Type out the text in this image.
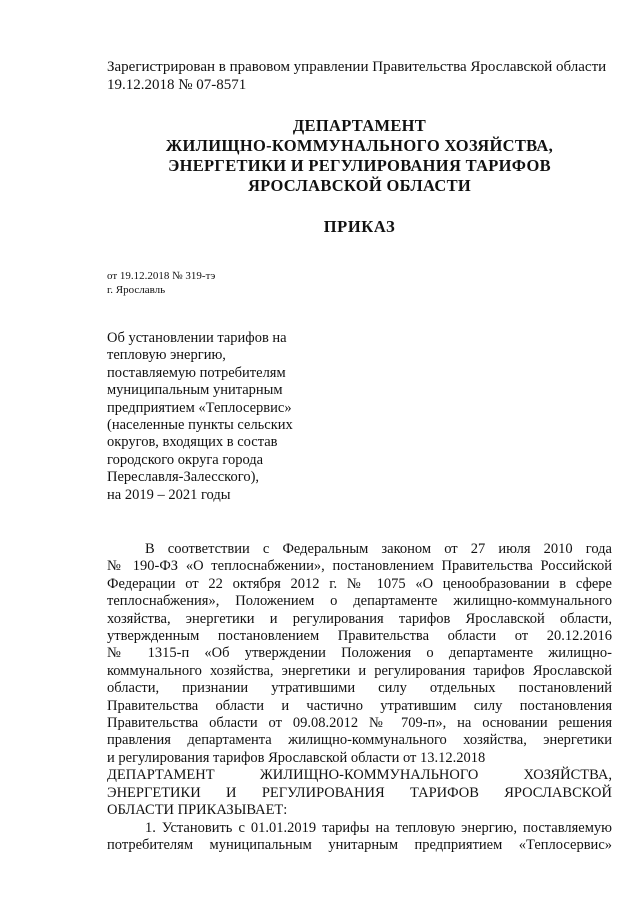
Зарегистрирован в правовом управлении Правительства Ярославской области
19.12.2018 № 07-8571
ДЕПАРТАМЕНТ
ЖИЛИЩНО-КОММУНАЛЬНОГО ХОЗЯЙСТВА,
ЭНЕРГЕТИКИ И РЕГУЛИРОВАНИЯ ТАРИФОВ
ЯРОСЛАВСКОЙ ОБЛАСТИ
ПРИКАЗ
от 19.12.2018 № 319-тэ
г. Ярославль
Об установлении тарифов на
тепловую энергию,
поставляемую потребителям
муниципальным унитарным
предприятием «Теплосервис»
(населенные пункты сельских
округов, входящих в состав
городского округа города
Переславля-Залесского),
на 2019 – 2021 годы
В соответствии с Федеральным законом от 27 июля 2010 года
№ 190-ФЗ «О теплоснабжении», постановлением Правительства Российской
Федерации от 22 октября 2012 г. № 1075 «О ценообразовании в сфере
теплоснабжения», Положением о департаменте жилищно-коммунального
хозяйства, энергетики и регулирования тарифов Ярославской области,
утвержденным постановлением Правительства области от 20.12.2016
№ 1315-п «Об утверждении Положения о департаменте жилищно-
коммунального хозяйства, энергетики и регулирования тарифов Ярославской
области, признании утратившими силу отдельных постановлений
Правительства области и частично утратившим силу постановления
Правительства области от 09.08.2012 № 709-п», на основании решения
правления департамента жилищно-коммунального хозяйства, энергетики
и регулирования тарифов Ярославской области от 13.12.2018
ДЕПАРТАМЕНТ ЖИЛИЩНО-КОММУНАЛЬНОГО ХОЗЯЙСТВА,
ЭНЕРГЕТИКИ И РЕГУЛИРОВАНИЯ ТАРИФОВ ЯРОСЛАВСКОЙ
ОБЛАСТИ ПРИКАЗЫВАЕТ:
1. Установить с 01.01.2019 тарифы на тепловую энергию, поставляемую
потребителям муниципальным унитарным предприятием «Теплосервис»
